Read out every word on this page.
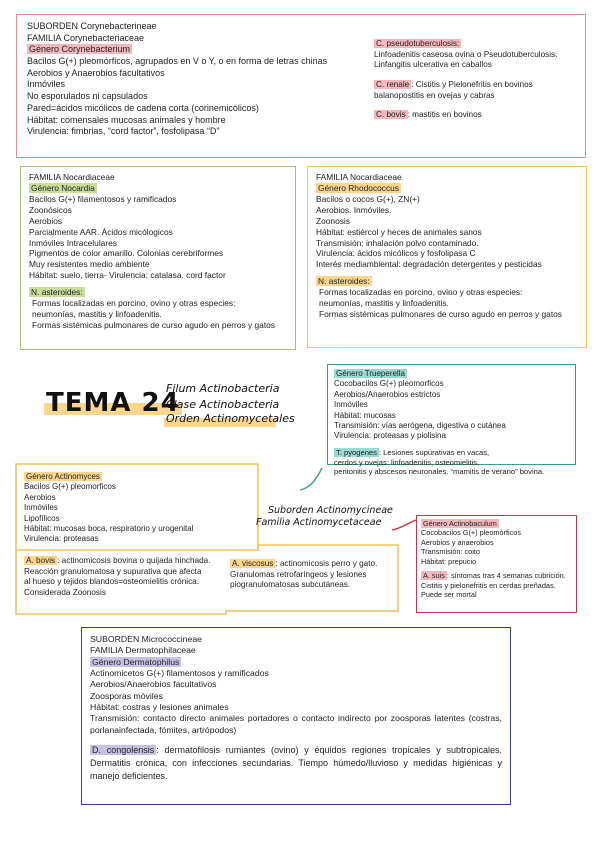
SUBORDEN Corynebacterineae
FAMILIA Corynebacteriaceae
Género Corynebacterium
Bacilos G(+) pleomórficos, agrupados en V o Y, o en forma de letras chinas
Aerobios y Anaerobios facultativos
Inmóviles
No esporulados ni capsulados
Pared=ácidos micólicos de cadena corta (corinemicólicos)
Hábitat: comensales mucosas animales y hombre
Virulencia: fimbrias, “cord factor”, fosfolipasa “D”
C. pseudotuberculosis:
Linfoadenitis caseosa ovina o Pseudotuberculosis.
Linfangitis ulcerativa en caballos
C. renale : Cistitis y Pielonefritis en bovinos
balanopostitis en ovejas y cabras
C. bovis : mastitis en bovinos
FAMILIA Nocardiaceae
Género Nocardia
Bacilos G(+) filamentosos y ramificados
Zoonósicos
Aerobios
Parcialmente AAR. Ácidos micólogicos
Inmóviles Intracelulares
Pigmentos de color amarillo. Colonias cerebriformes
Muy resistentes medio ambiente
Hábitat: suelo, tierra- Virulencia: catalasa. cord factor
N. asteroides:
Formas localizadas en porcino, ovino y otras especies:
neumonías, mastitis y linfoadenitis.
Formas sistémicas pulmonares de curso agudo en perros y gatos
FAMILIA Nocardiaceae
Género Rhodococcus
Bacilos o cocos G(+), ZN(+)
Aerobios. Inmóviles.
Zoonosis
Hábitat: estiércol y heces de animales sanos
Transmisión: inhalación polvo contaminado.
Virulencia: ácidos micólicos y fosfolipasa C
Interés mediambiental: degradación detergentes y pesticidas
N. asteroides:
Formas localizadas en porcino, ovino y otras especies:
neumonías, mastitis y linfoadenitis.
Formas sistémicas pulmonares de curso agudo en perros y gatos
TEMA 24
Filum Actinobacteria
Clase Actinobacteria
Orden Actinomycetales
Género Trueperella
Cocobacilos G(+) pleomorficos
Aerobios/Anaerobios estrictos
Inmóviles
Hábitat: mucosas
Transmisión: vías aerógena, digestiva o cutánea
Virulencia: proteasas y piolisina
T. pyogenes : Lesiones supurativas en vacas,
cerdos y ovejas: linfoadenitis, osteomielitis,
peritonitis y abscesos neuronales. “mamitis de verano” bovina.
Género Actinomyces
Bacilos G(+) pleomorficos
Aerobios
Inmóviles
Lipofílicos
Hábitat: mucosas boca, respiratorio y urogenital
Virulencia: proteasas
A. bovis : actinomicosis bovina o quijada hinchada.
Reacción granulomatosa y supurativa que afecta
al hueso y tejidos blandos=osteomielitis crónica.
Considerada Zoonosis
A. viscosus : actinomicosis perro y gato.
Granulomas retrofaríngeos y lesiones
piogranulomatosas subcutáneas.
Suborden Actinomycineae
Familia Actinomycetaceae	Género Actinobaculum
Cocobacilos G(+) pleomórficos
Aerobios y anaerobios
Transmisión: coito
Hábitat: prepucio
A. suis : síntomas tras 4 semanas cubrición.
Cistitis y pielonefritis en cerdas preñadas.
Puede ser mortal
SUBORDEN Micrococcineae
FAMILIA Dermatophilaceae
Género Dermatophilus
Actinomicetos G(+) filamentosos y ramificados
Aerobios/Anaerobios facultativos
Zoosporas móviles
Hábitat: costras y lesiones animales
Transmisión: contacto directo animales portadores o contacto indirecto por zoosporas latentes (costras, porlanainfectada, fómites, artrópodos)
D. congolensis : dermatofilosis rumiantes (ovino) y équidos regiones tropicales y subtropicales. Dermatitis crónica, con infecciones secundarias. Tiempo húmedo/lluvioso y medidas higiénicas y manejo deficientes.
